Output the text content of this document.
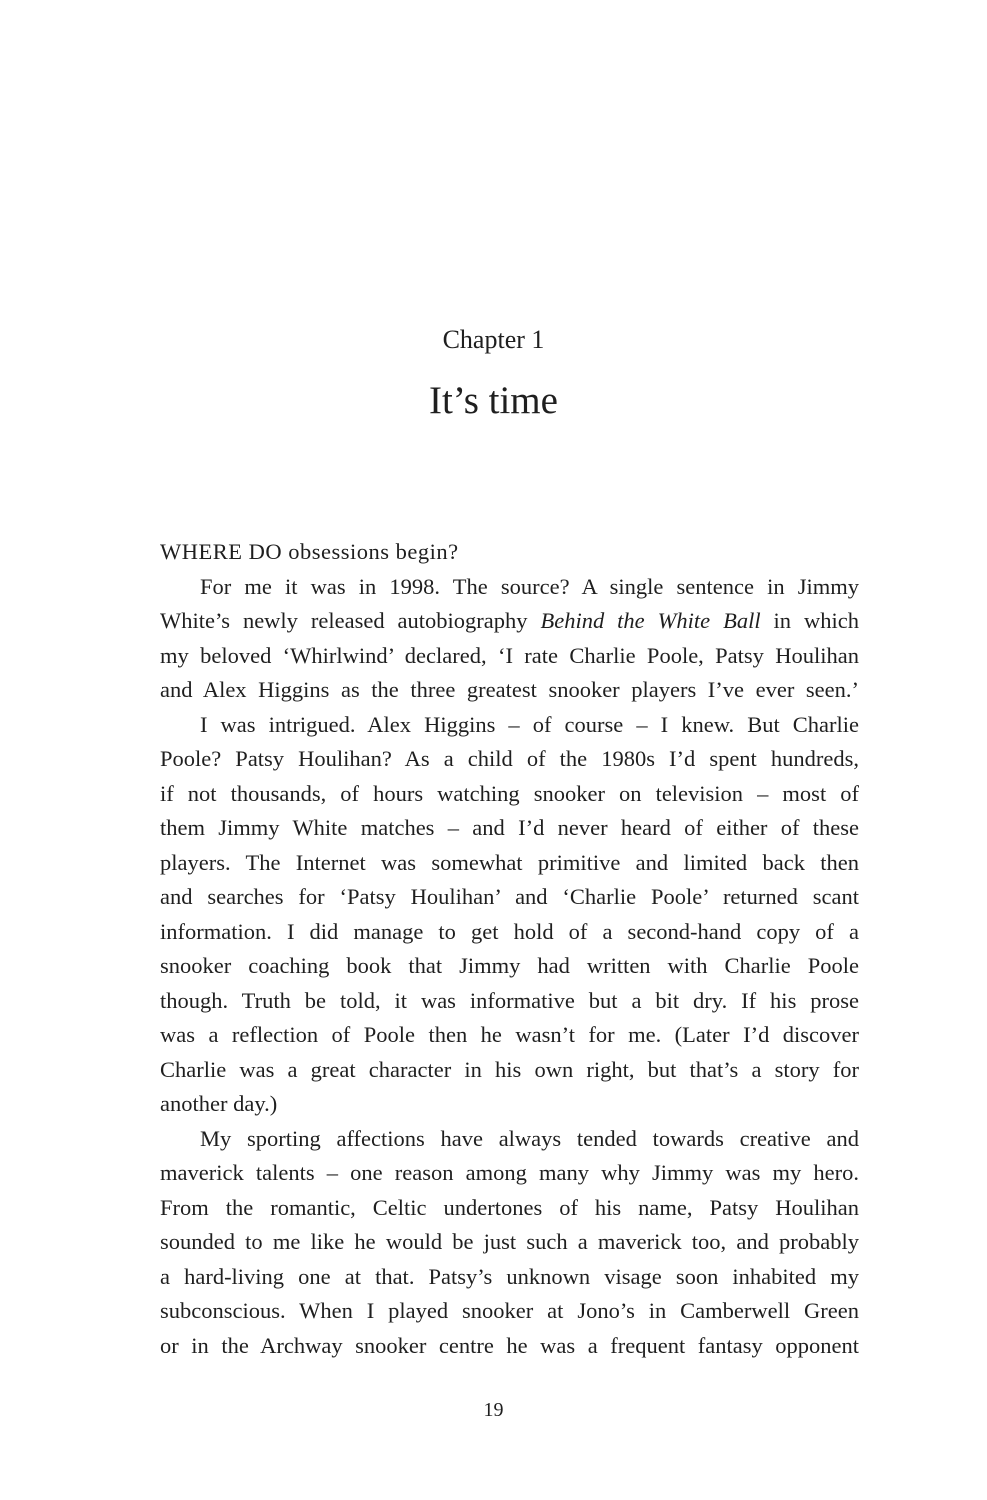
Chapter 1
It’s time
WHERE DO obsessions begin?
For me it was in 1998. The source? A single sentence in Jimmy
White’s newly released autobiography Behind the White Ball in which
my beloved ‘Whirlwind’ declared, ‘I rate Charlie Poole, Patsy Houlihan
and Alex Higgins as the three greatest snooker players I’ve ever seen.’
I was intrigued. Alex Higgins – of course – I knew. But Charlie
Poole? Patsy Houlihan? As a child of the 1980s I’d spent hundreds,
if not thousands, of hours watching snooker on television – most of
them Jimmy White matches – and I’d never heard of either of these
players. The Internet was somewhat primitive and limited back then
and searches for ‘Patsy Houlihan’ and ‘Charlie Poole’ returned scant
information. I did manage to get hold of a second-hand copy of a
snooker coaching book that Jimmy had written with Charlie Poole
though. Truth be told, it was informative but a bit dry. If his prose
was a reflection of Poole then he wasn’t for me. (Later I’d discover
Charlie was a great character in his own right, but that’s a story for
another day.)
My sporting affections have always tended towards creative and
maverick talents – one reason among many why Jimmy was my hero.
From the romantic, Celtic undertones of his name, Patsy Houlihan
sounded to me like he would be just such a maverick too, and probably
a hard-living one at that. Patsy’s unknown visage soon inhabited my
subconscious. When I played snooker at Jono’s in Camberwell Green
or in the Archway snooker centre he was a frequent fantasy opponent
19
